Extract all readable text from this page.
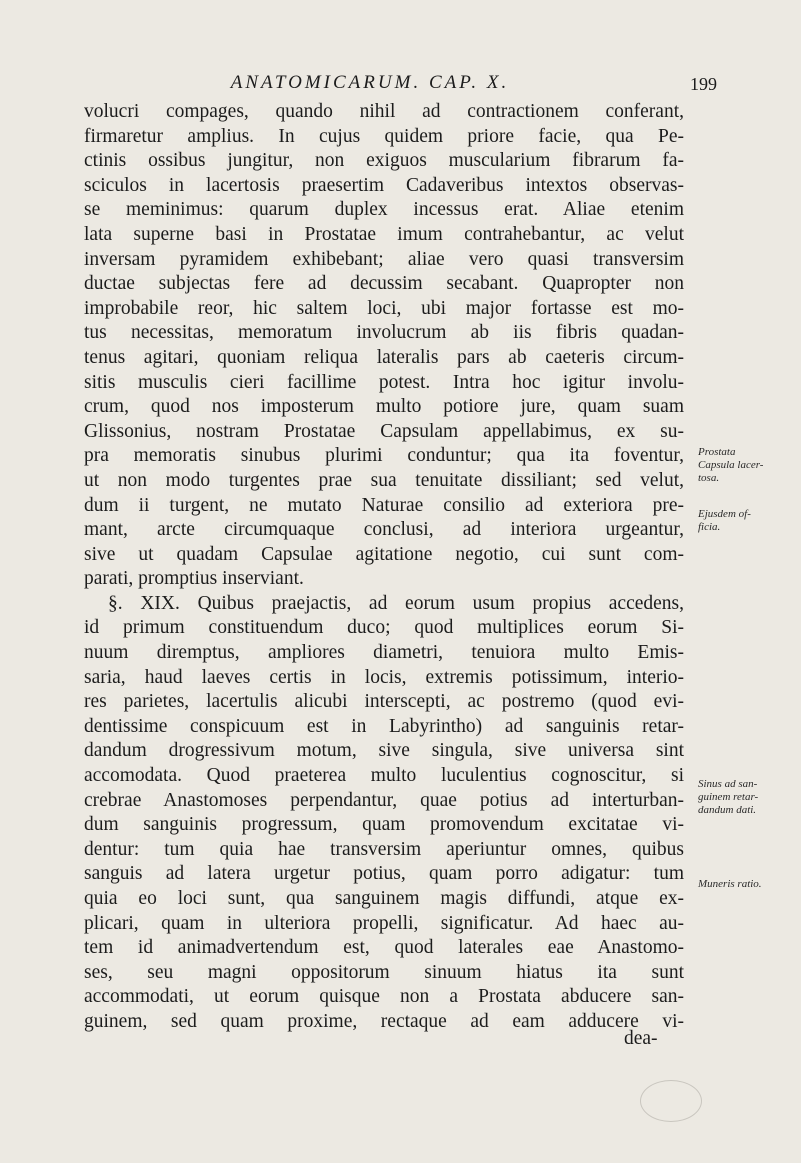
ANATOMICARUM. CAP. X.	199
volucri compages, quando nihil ad contractionem conferant,
firmaretur amplius. In cujus quidem priore facie, qua Pe-
ctinis ossibus jungitur, non exiguos muscularium fibrarum fa-
sciculos in lacertosis praesertim Cadaveribus intextos observas-
se meminimus: quarum duplex incessus erat. Aliae etenim
lata superne basi in Prostatae imum contrahebantur, ac velut
inversam pyramidem exhibebant; aliae vero quasi transversim
ductae subjectas fere ad decussim secabant. Quapropter non
improbabile reor, hic saltem loci, ubi major fortasse est mo-
tus necessitas, memoratum involucrum ab iis fibris quadan-
tenus agitari, quoniam reliqua lateralis pars ab caeteris circum-
sitis musculis cieri facillime potest. Intra hoc igitur involu-
crum, quod nos imposterum multo potiore jure, quam suam
Glissonius, nostram Prostatae Capsulam appellabimus, ex su-
pra memoratis sinubus plurimi conduntur; qua ita foventur,
ut non modo turgentes prae sua tenuitate dissiliant; sed velut,
dum ii turgent, ne mutato Naturae consilio ad exteriora pre-
mant, arcte circumquaque conclusi, ad interiora urgeantur,
sive ut quadam Capsulae agitatione negotio, cui sunt com-
parati, promptius inserviant.
§. XIX. Quibus praejactis, ad eorum usum propius accedens,
id primum constituendum duco; quod multiplices eorum Si-
nuum diremptus, ampliores diametri, tenuiora multo Emis-
saria, haud laeves certis in locis, extremis potissimum, interio-
res parietes, lacertulis alicubi interscepti, ac postremo (quod evi-
dentissime conspicuum est in Labyrintho) ad sanguinis retar-
dandum drogressivum motum, sive singula, sive universa sint
accomodata. Quod praeterea multo luculentius cognoscitur, si
crebrae Anastomoses perpendantur, quae potius ad interturban-
dum sanguinis progressum, quam promovendum excitatae vi-
dentur: tum quia hae transversim aperiuntur omnes, quibus
sanguis ad latera urgetur potius, quam porro adigatur: tum
quia eo loci sunt, qua sanguinem magis diffundi, atque ex-
plicari, quam in ulteriora propelli, significatur. Ad haec au-
tem id animadvertendum est, quod laterales eae Anastomo-
ses, seu magni oppositorum sinuum hiatus ita sunt
accommodati, ut eorum quisque non a Prostata abducere san-
guinem, sed quam proxime, rectaque ad eam adducere vi-
dea-
Prostata
Capsula lacer-
tosa.
Ejusdem of-
ficia.
Sinus ad san-
guinem retar-
dandum dati.
Muneris ratio.
